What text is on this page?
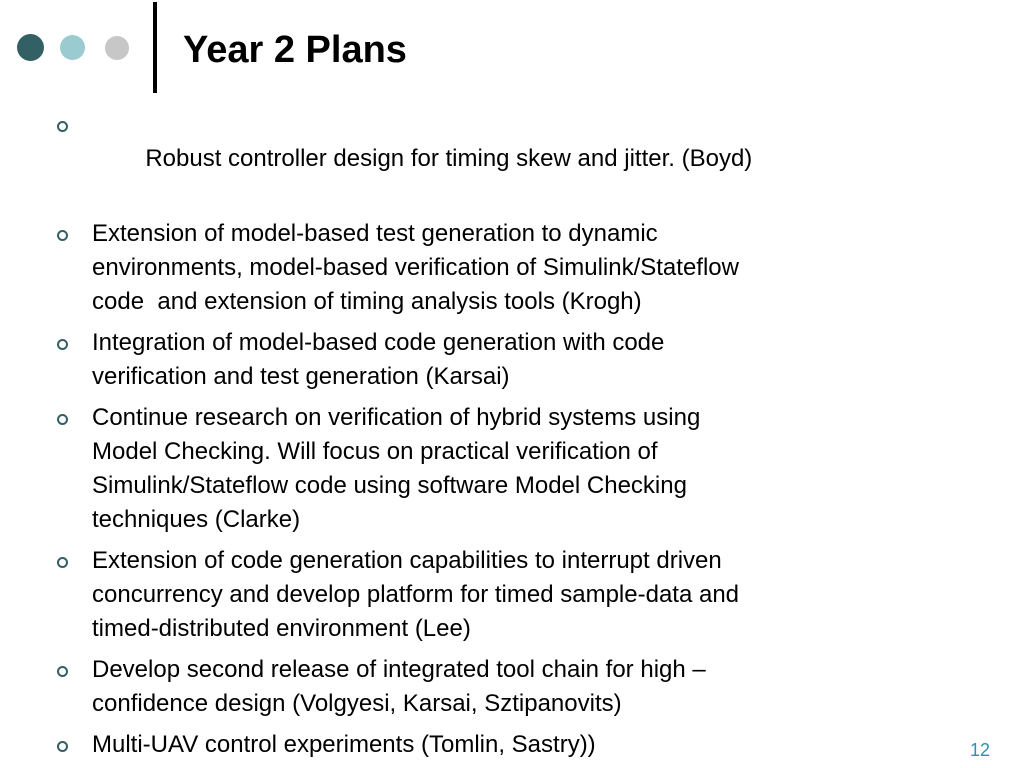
Year 2 Plans

Robust controller design for timing skew and jitter. (Boyd)

Extension of model-based test generation to dynamic
environments, model-based verification of Simulink/Stateflow
code  and extension of timing analysis tools (Krogh)
Integration of model-based code generation with code
verification and test generation (Karsai)
Continue research on verification of hybrid systems using
Model Checking. Will focus on practical verification of
Simulink/Stateflow code using software Model Checking
techniques (Clarke)
Extension of code generation capabilities to interrupt driven
concurrency and develop platform for timed sample-data and
timed-distributed environment (Lee)
Develop second release of integrated tool chain for high –
confidence design (Volgyesi, Karsai, Sztipanovits)
Multi-UAV control experiments (Tomlin, Sastry))	12
